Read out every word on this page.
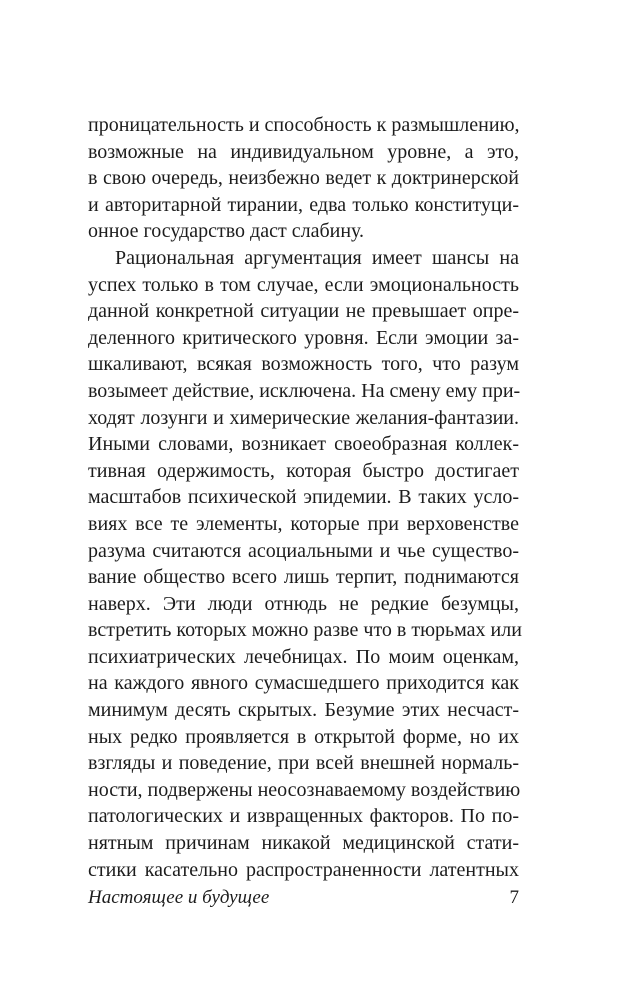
проницательность и способность к размышлению,
возможные на индивидуальном уровне, а это,
в свою очередь, неизбежно ведет к доктринерской
и авторитарной тирании, едва только конституци-
онное государство даст слабину.
Рациональная аргументация имеет шансы на
успех только в том случае, если эмоциональность
данной конкретной ситуации не превышает опре-
деленного критического уровня. Если эмоции за-
шкаливают, всякая возможность того, что разум
возымеет действие, исключена. На смену ему при-
ходят лозунги и химерические желания-фантазии.
Иными словами, возникает своеобразная коллек-
тивная одержимость, которая быстро достигает
масштабов психической эпидемии. В таких усло-
виях все те элементы, которые при верховенстве
разума считаются асоциальными и чье существо-
вание общество всего лишь терпит, поднимаются
наверх. Эти люди отнюдь не редкие безумцы,
встретить которых можно разве что в тюрьмах или
психиатрических лечебницах. По моим оценкам,
на каждого явного сумасшедшего приходится как
минимум десять скрытых. Безумие этих несчаст-
ных редко проявляется в открытой форме, но их
взгляды и поведение, при всей внешней нормаль-
ности, подвержены неосознаваемому воздействию
патологических и извращенных факторов. По по-
нятным причинам никакой медицинской стати-
стики касательно распространенности латентных
Настоящее и будущее	7
